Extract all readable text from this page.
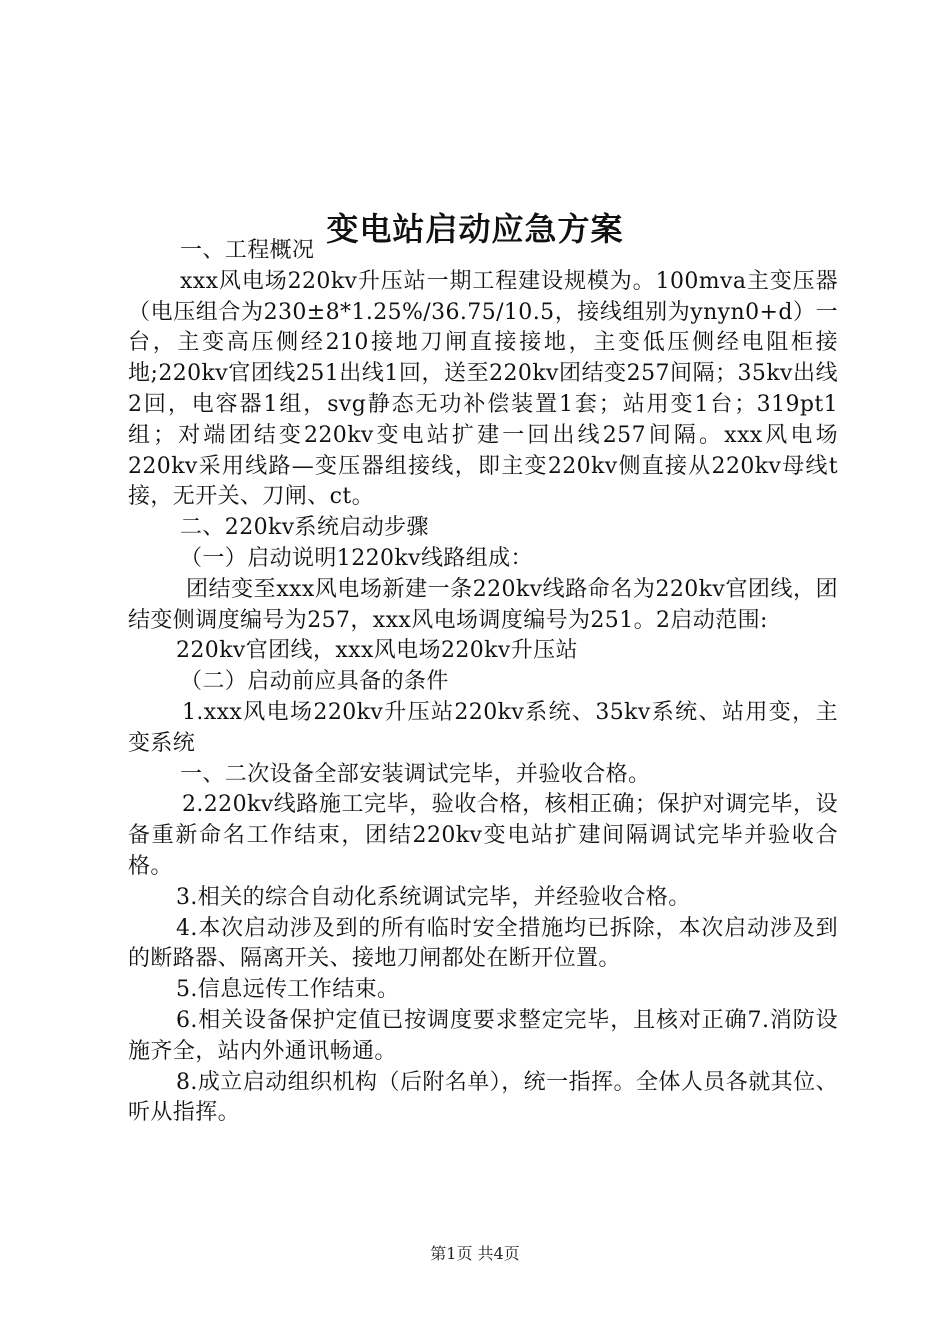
变电站启动应急方案

一、工程概况

xxx风电场220kv升压站一期工程建设规模为。100mva主变压器（电压组合为230±8*1.25%/36.75/10.5，接线组别为ynyn0+d）一台，主变高压侧经210接地刀闸直接接地，主变低压侧经电阻柜接地;220kv官团线251出线1回，送至220kv团结变257间隔；35kv出线2回，电容器1组，svg静态无功补偿装置1套；站用变1台；319pt1组；对端团结变220kv变电站扩建一回出线257间隔。xxx风电场220kv采用线路—变压器组接线，即主变220kv侧直接从220kv母线t接，无开关、刀闸、ct。

二、220kv系统启动步骤

（一）启动说明1220kv线路组成：

团结变至xxx风电场新建一条220kv线路命名为220kv官团线，团结变侧调度编号为257，xxx风电场调度编号为251。2启动范围:

220kv官团线，xxx风电场220kv升压站

（二）启动前应具备的条件

1.xxx风电场220kv升压站220kv系统、35kv系统、站用变，主变系统

一、二次设备全部安装调试完毕，并验收合格。

2.220kv线路施工完毕，验收合格，核相正确；保护对调完毕，设备重新命名工作结束，团结220kv变电站扩建间隔调试完毕并验收合格。

3.相关的综合自动化系统调试完毕，并经验收合格。

4.本次启动涉及到的所有临时安全措施均已拆除，本次启动涉及到的断路器、隔离开关、接地刀闸都处在断开位置。

5.信息远传工作结束。

6.相关设备保护定值已按调度要求整定完毕，且核对正确7.消防设施齐全，站内外通讯畅通。

8.成立启动组织机构（后附名单），统一指挥。全体人员各就其位、听从指挥。

第1页 共4页
